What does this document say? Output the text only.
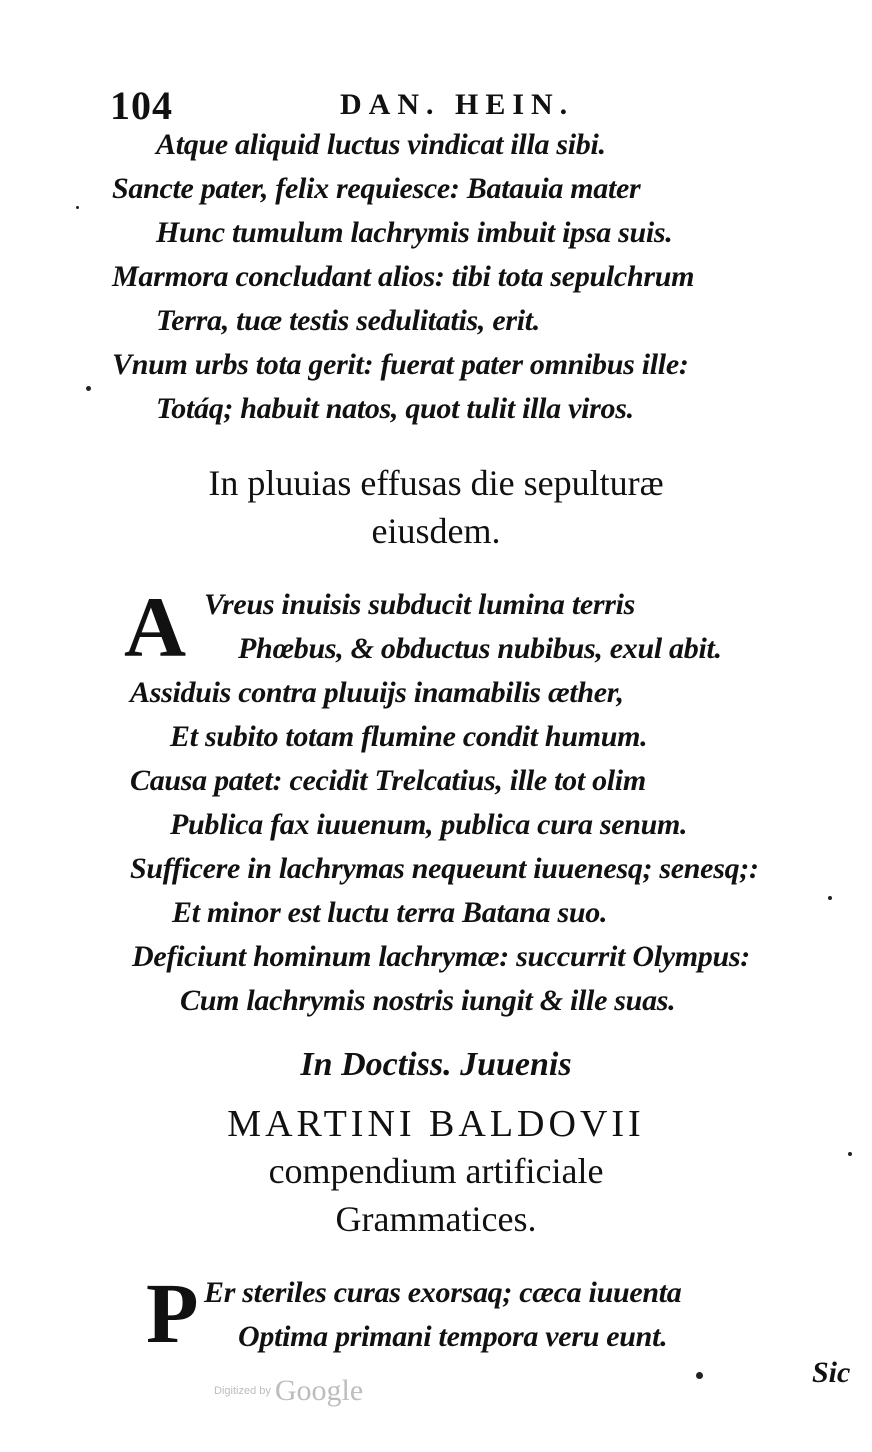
104	DAN. HEIN.
Atque aliquid luctus vindicat illa sibi.
Sancte pater, felix requiesce: Batauia mater
Hunc tumulum lachrymis imbuit ipsa suis.
Marmora concludant alios: tibi tota sepulchrum
Terra, tuæ testis sedulitatis, erit.
Vnum urbs tota gerit: fuerat pater omnibus ille:
Totáq; habuit natos, quot tulit illa viros.
In pluuias effusas die sepulturæ
eiusdem.
A Vreus inuisis subducit lumina terris
Phœbus, & obductus nubibus, exul abit.
Assiduis contra pluuijs inamabilis æther,
Et subito totam flumine condit humum.
Causa patet: cecidit Trelcatius, ille tot olim
Publica fax iuuenum, publica cura senum.
Sufficere in lachrymas nequeunt iuuenesq; senesq;:
Et minor est luctu terra Batana suo.
Deficiunt hominum lachrymæ: succurrit Olympus:
Cum lachrymis nostris iungit & ille suas.
In Doctiss. Juuenis
MARTINI BALDOVII
compendium artificiale
Grammatices.
P Er steriles curas exorsaq; cæca iuuenta
Optima primani tempora veru eunt.
Sic
Digitized by Google
